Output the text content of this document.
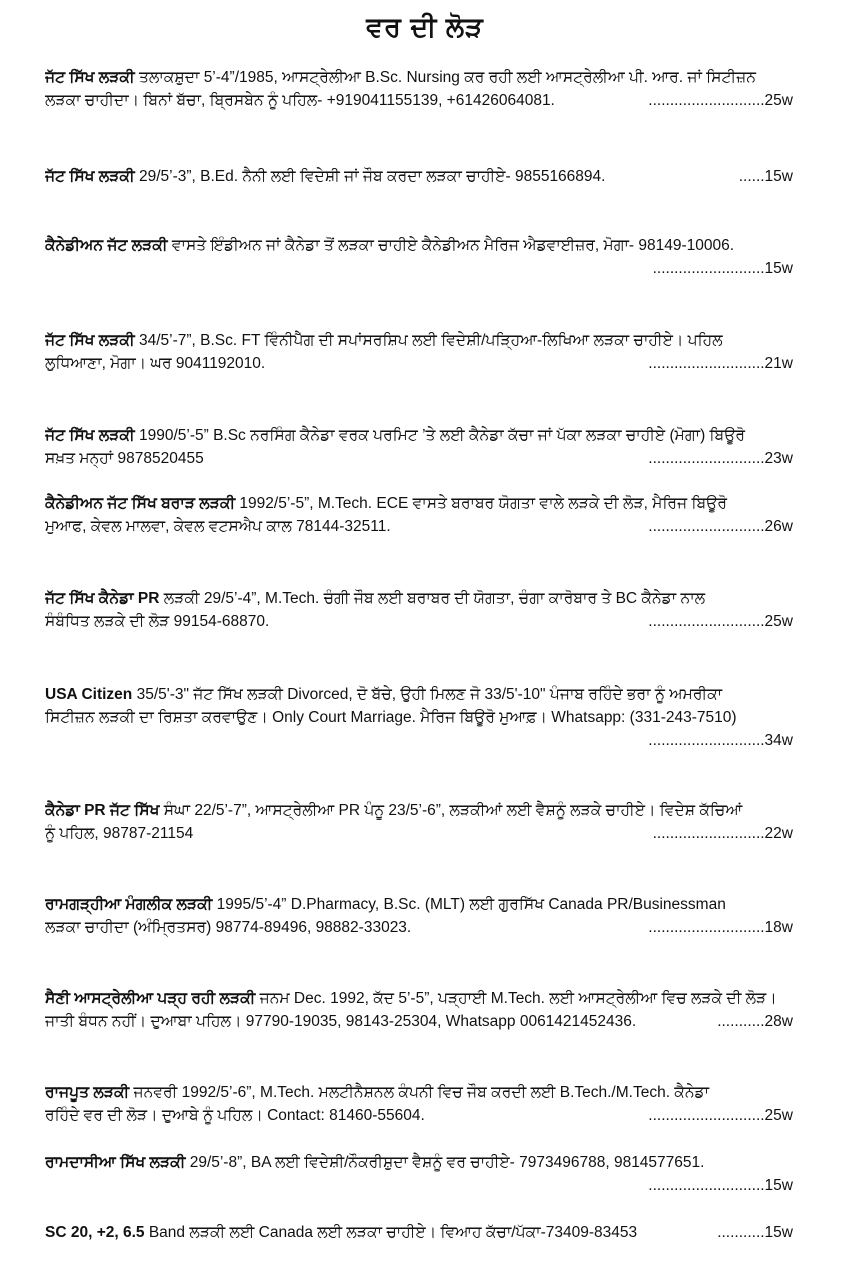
ਵਰ ਦੀ ਲੋੜ
ਜੱਟ ਸਿੱਖ ਲੜਕੀ ਤਲਾਕਸ਼ੁਦਾ 5’-4”/1985, ਆਸਟ੍ਰੇਲੀਆ B.Sc. Nursing ਕਰ ਰਹੀ ਲਈ ਆਸਟ੍ਰੇਲੀਆ ਪੀ. ਆਰ. ਜਾਂ ਸਿਟੀਜ਼ਨ
ਲੜਕਾ ਚਾਹੀਦਾ। ਬਿਨਾਂ ਬੱਚਾ, ਬ੍ਰਿਸਬੇਨ ਨੂੰ ਪਹਿਲ- +919041155139, +61426064081.	...........................25w
ਜੱਟ ਸਿੱਖ ਲੜਕੀ 29/5’-3”, B.Ed. ਨੈਨੀ ਲਈ ਵਿਦੇਸ਼ੀ ਜਾਂ ਜੌਬ ਕਰਦਾ ਲੜਕਾ ਚਾਹੀਏ- 9855166894.	......15w
ਕੈਨੇਡੀਅਨ ਜੱਟ ਲੜਕੀ ਵਾਸਤੇ ਇੰਡੀਅਨ ਜਾਂ ਕੈਨੇਡਾ ਤੋਂ ਲੜਕਾ ਚਾਹੀਏ ਕੈਨੇਡੀਅਨ ਮੈਰਿਜ ਐਡਵਾਈਜ਼ਰ, ਮੋਗਾ- 98149-10006.
..........................15w
ਜੱਟ ਸਿੱਖ ਲੜਕੀ 34/5’-7”, B.Sc. FT ਵਿੰਨੀਪੈੱਗ ਦੀ ਸਪਾਂਸਰਸ਼ਿਪ ਲਈ ਵਿਦੇਸ਼ੀ/ਪੜ੍ਹਿਆ-ਲਿਖਿਆ ਲੜਕਾ ਚਾਹੀਏ। ਪਹਿਲ
ਲੁਧਿਆਣਾ, ਮੋਗਾ। ਘਰ 9041192010.	...........................21w
ਜੱਟ ਸਿੱਖ ਲੜਕੀ 1990/5’-5” B.Sc ਨਰਸਿੰਗ ਕੈਨੇਡਾ ਵਰਕ ਪਰਮਿਟ ’ਤੇ ਲਈ ਕੈਨੇਡਾ ਕੱਚਾ ਜਾਂ ਪੱਕਾ ਲੜਕਾ ਚਾਹੀਏ (ਮੋਗਾ) ਬਿਊਰੋ
ਸਖ਼ਤ ਮਨ੍ਹਾਂ 9878520455	...........................23w
ਕੈਨੇਡੀਅਨ ਜੱਟ ਸਿੱਖ ਬਰਾੜ ਲੜਕੀ 1992/5’-5”, M.Tech. ECE ਵਾਸਤੇ ਬਰਾਬਰ ਯੋਗਤਾ ਵਾਲੇ ਲੜਕੇ ਦੀ ਲੋੜ, ਮੈਰਿਜ ਬਿਊਰੋ
ਮੁਆਫ, ਕੇਵਲ ਮਾਲਵਾ, ਕੇਵਲ ਵਟਸਐਪ ਕਾਲ 78144-32511.	...........................26w
ਜੱਟ ਸਿੱਖ ਕੈਨੇਡਾ PR ਲੜਕੀ 29/5’-4”, M.Tech. ਚੰਗੀ ਜੌਬ ਲਈ ਬਰਾਬਰ ਦੀ ਯੋਗਤਾ, ਚੰਗਾ ਕਾਰੋਬਾਰ ਤੇ BC ਕੈਨੇਡਾ ਨਾਲ
ਸੰਬੰਧਿਤ ਲੜਕੇ ਦੀ ਲੋੜ 99154-68870.	...........................25w
USA Citizen 35/5'-3" ਜੱਟ ਸਿੱਖ ਲੜਕੀ Divorced, ਦੋ ਬੱਚੇ, ਉਹੀ ਮਿਲਣ ਜੋ 33/5'-10" ਪੰਜਾਬ ਰਹਿੰਦੇ ਭਰਾ ਨੂੰ ਅਮਰੀਕਾ
ਸਿਟੀਜ਼ਨ ਲੜਕੀ ਦਾ ਰਿਸ਼ਤਾ ਕਰਵਾਉਣ। Only Court Marriage. ਮੈਰਿਜ ਬਿਊਰੋ ਮੁਆਫ਼। Whatsapp: (331-243-7510)
...........................34w
ਕੈਨੇਡਾ PR ਜੱਟ ਸਿੱਖ ਸੰਘਾ 22/5’-7”, ਆਸਟ੍ਰੇਲੀਆ PR ਪੰਨੂ 23/5’-6”, ਲੜਕੀਆਂ ਲਈ ਵੈਸ਼ਨੂੰ ਲੜਕੇ ਚਾਹੀਏ। ਵਿਦੇਸ਼ ਕੱਚਿਆਂ
ਨੂੰ ਪਹਿਲ, 98787-21154	..........................22w
ਰਾਮਗੜ੍ਹੀਆ ਮੰਗਲੀਕ ਲੜਕੀ 1995/5’-4” D.Pharmacy, B.Sc. (MLT) ਲਈ ਗੁਰਸਿੱਖ Canada PR/Businessman
ਲੜਕਾ ਚਾਹੀਦਾ (ਅੰਮ੍ਰਿਤਸਰ) 98774-89496, 98882-33023.	...........................18w
ਸੈਣੀ ਆਸਟ੍ਰੇਲੀਆ ਪੜ੍ਹ ਰਹੀ ਲੜਕੀ ਜਨਮ Dec. 1992, ਕੱਦ 5’-5”, ਪੜ੍ਹਾਈ M.Tech. ਲਈ ਆਸਟ੍ਰੇਲੀਆ ਵਿਚ ਲੜਕੇ ਦੀ ਲੋੜ।
ਜਾਤੀ ਬੰਧਨ ਨਹੀਂ। ਦੁਆਬਾ ਪਹਿਲ। 97790-19035, 98143-25304, Whatsapp 0061421452436.	...........28w
ਰਾਜਪੂਤ ਲੜਕੀ ਜਨਵਰੀ 1992/5’-6”, M.Tech. ਮਲਟੀਨੈਸ਼ਨਲ ਕੰਪਨੀ ਵਿਚ ਜੌਬ ਕਰਦੀ ਲਈ B.Tech./M.Tech. ਕੈਨੇਡਾ
ਰਹਿੰਦੇ ਵਰ ਦੀ ਲੋੜ। ਦੁਆਬੇ ਨੂੰ ਪਹਿਲ। Contact: 81460-55604.	...........................25w
ਰਾਮਦਾਸੀਆ ਸਿੱਖ ਲੜਕੀ 29/5’-8”, BA ਲਈ ਵਿਦੇਸ਼ੀ/ਨੌਕਰੀਸ਼ੁਦਾ ਵੈਸ਼ਨੂੰ ਵਰ ਚਾਹੀਏ- 7973496788, 9814577651.
...........................15w
SC 20, +2, 6.5 Band ਲੜਕੀ ਲਈ Canada ਲਈ ਲੜਕਾ ਚਾਹੀਏ। ਵਿਆਹ ਕੱਚਾ/ਪੱਕਾ-73409-83453	...........15w
